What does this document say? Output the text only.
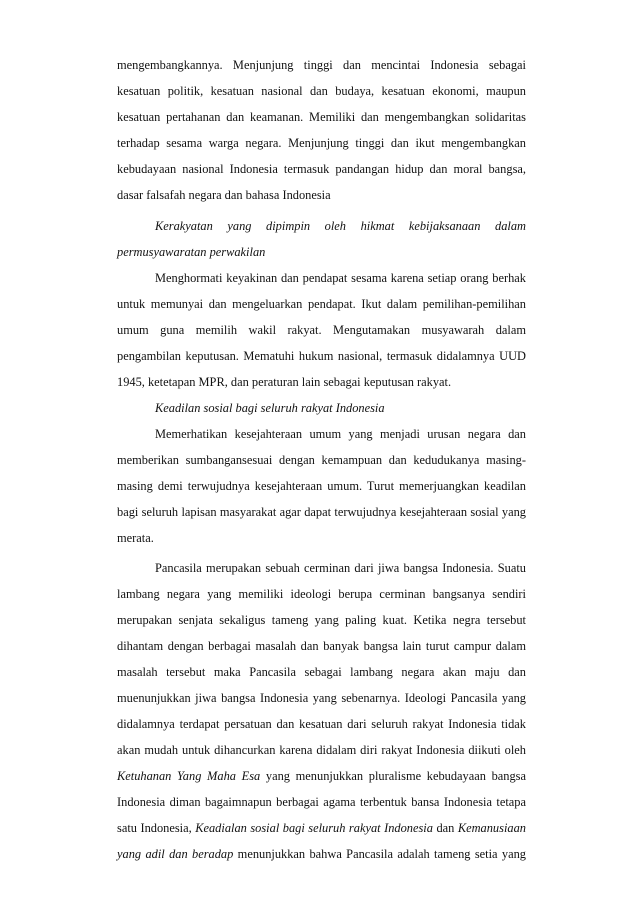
mengembangkannya. Menjunjung tinggi dan mencintai Indonesia sebagai
kesatuan politik, kesatuan nasional dan budaya, kesatuan ekonomi, maupun
kesatuan pertahanan dan keamanan. Memiliki dan mengembangkan solidaritas
terhadap sesama warga negara. Menjunjung tinggi dan ikut mengembangkan
kebudayaan nasional Indonesia termasuk pandangan hidup dan moral bangsa,
dasar falsafah negara dan bahasa Indonesia
Kerakyatan yang dipimpin oleh hikmat kebijaksanaan dalam
permusyawaratan perwakilan
Menghormati keyakinan dan pendapat sesama karena setiap orang berhak
untuk memunyai dan mengeluarkan pendapat. Ikut dalam pemilihan-pemilihan
umum guna memilih wakil rakyat. Mengutamakan musyawarah dalam
pengambilan keputusan. Mematuhi hukum nasional, termasuk didalamnya UUD
1945, ketetapan MPR, dan peraturan lain sebagai keputusan rakyat.
Keadilan sosial bagi seluruh rakyat Indonesia
Memerhatikan kesejahteraan umum yang menjadi urusan negara dan
memberikan sumbangansesuai dengan kemampuan dan kedudukanya masing-
masing demi terwujudnya kesejahteraan umum. Turut memerjuangkan keadilan
bagi seluruh lapisan masyarakat agar dapat terwujudnya kesejahteraan sosial yang
merata.
Pancasila merupakan sebuah cerminan dari jiwa bangsa Indonesia. Suatu
lambang negara yang memiliki ideologi berupa cerminan bangsanya sendiri
merupakan senjata sekaligus tameng yang paling kuat. Ketika negra tersebut
dihantam dengan berbagai masalah dan banyak bangsa lain turut campur dalam
masalah tersebut maka Pancasila sebagai lambang negara akan maju dan
muenunjukkan jiwa bangsa Indonesia yang sebenarnya. Ideologi Pancasila yang
didalamnya terdapat persatuan dan kesatuan dari seluruh rakyat Indonesia tidak
akan mudah untuk dihancurkan karena didalam diri rakyat Indonesia diikuti oleh
Ketuhanan Yang Maha Esa yang menunjukkan pluralisme kebudayaan bangsa
Indonesia diman bagaimnapun berbagai agama terbentuk bansa Indonesia tetapa
satu Indonesia, Keadialan sosial bagi seluruh rakyat Indonesia dan Kemanusiaan
yang adil dan beradap menunjukkan bahwa Pancasila adalah tameng setia yang
